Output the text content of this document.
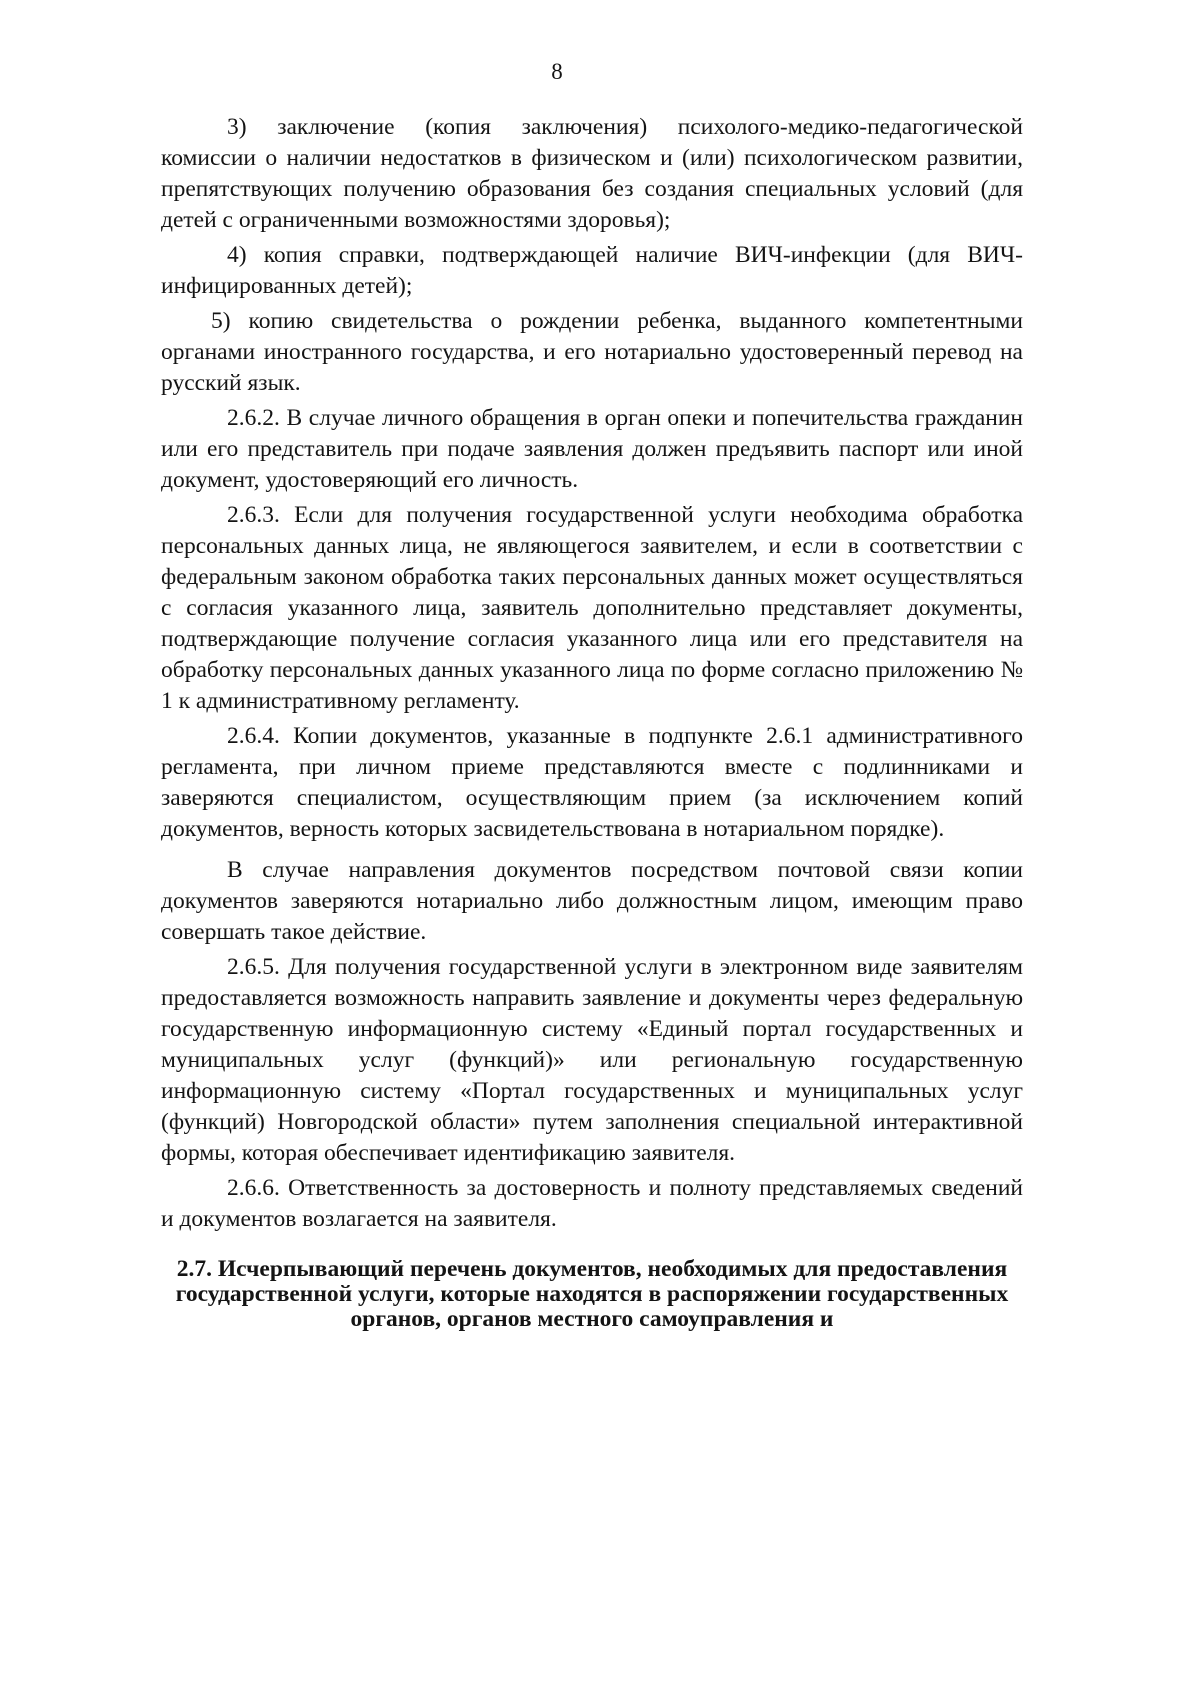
8

3) заключение (копия заключения) психолого-медико-педагогической комиссии о наличии недостатков в физическом и (или) психологическом развитии, препятствующих получению образования без создания специальных условий (для детей с ограниченными возможностями здоровья);

4) копия справки, подтверждающей наличие ВИЧ-инфекции (для ВИЧ-инфицированных детей);

5) копию свидетельства о рождении ребенка, выданного компетентными органами иностранного государства, и его нотариально удостоверенный перевод на русский язык.

2.6.2. В случае личного обращения в орган опеки и попечительства гражданин или его представитель при подаче заявления должен предъявить паспорт или иной документ, удостоверяющий его личность.

2.6.3. Если для получения государственной услуги необходима обработка персональных данных лица, не являющегося заявителем, и если в соответствии с федеральным законом обработка таких персональных данных может осуществляться с согласия указанного лица, заявитель дополнительно представляет документы, подтверждающие получение согласия указанного лица или его представителя на обработку персональных данных указанного лица по форме согласно приложению № 1 к административному регламенту.

2.6.4. Копии документов, указанные в подпункте 2.6.1 административного регламента, при личном приеме представляются вместе с подлинниками и заверяются специалистом, осуществляющим прием (за исключением копий документов, верность которых засвидетельствована в нотариальном порядке).

В случае направления документов посредством почтовой связи копии документов заверяются нотариально либо должностным лицом, имеющим право совершать такое действие.

2.6.5. Для получения государственной услуги в электронном виде заявителям предоставляется возможность направить заявление и документы через федеральную государственную информационную систему «Единый портал государственных и муниципальных услуг (функций)» или региональную государственную информационную систему «Портал государственных и муниципальных услуг (функций) Новгородской области» путем заполнения специальной интерактивной формы, которая обеспечивает идентификацию заявителя.

2.6.6. Ответственность за достоверность и полноту представляемых сведений и документов возлагается на заявителя.

2.7. Исчерпывающий перечень документов, необходимых для предоставления государственной услуги, которые находятся в распоряжении государственных органов, органов местного самоуправления и
